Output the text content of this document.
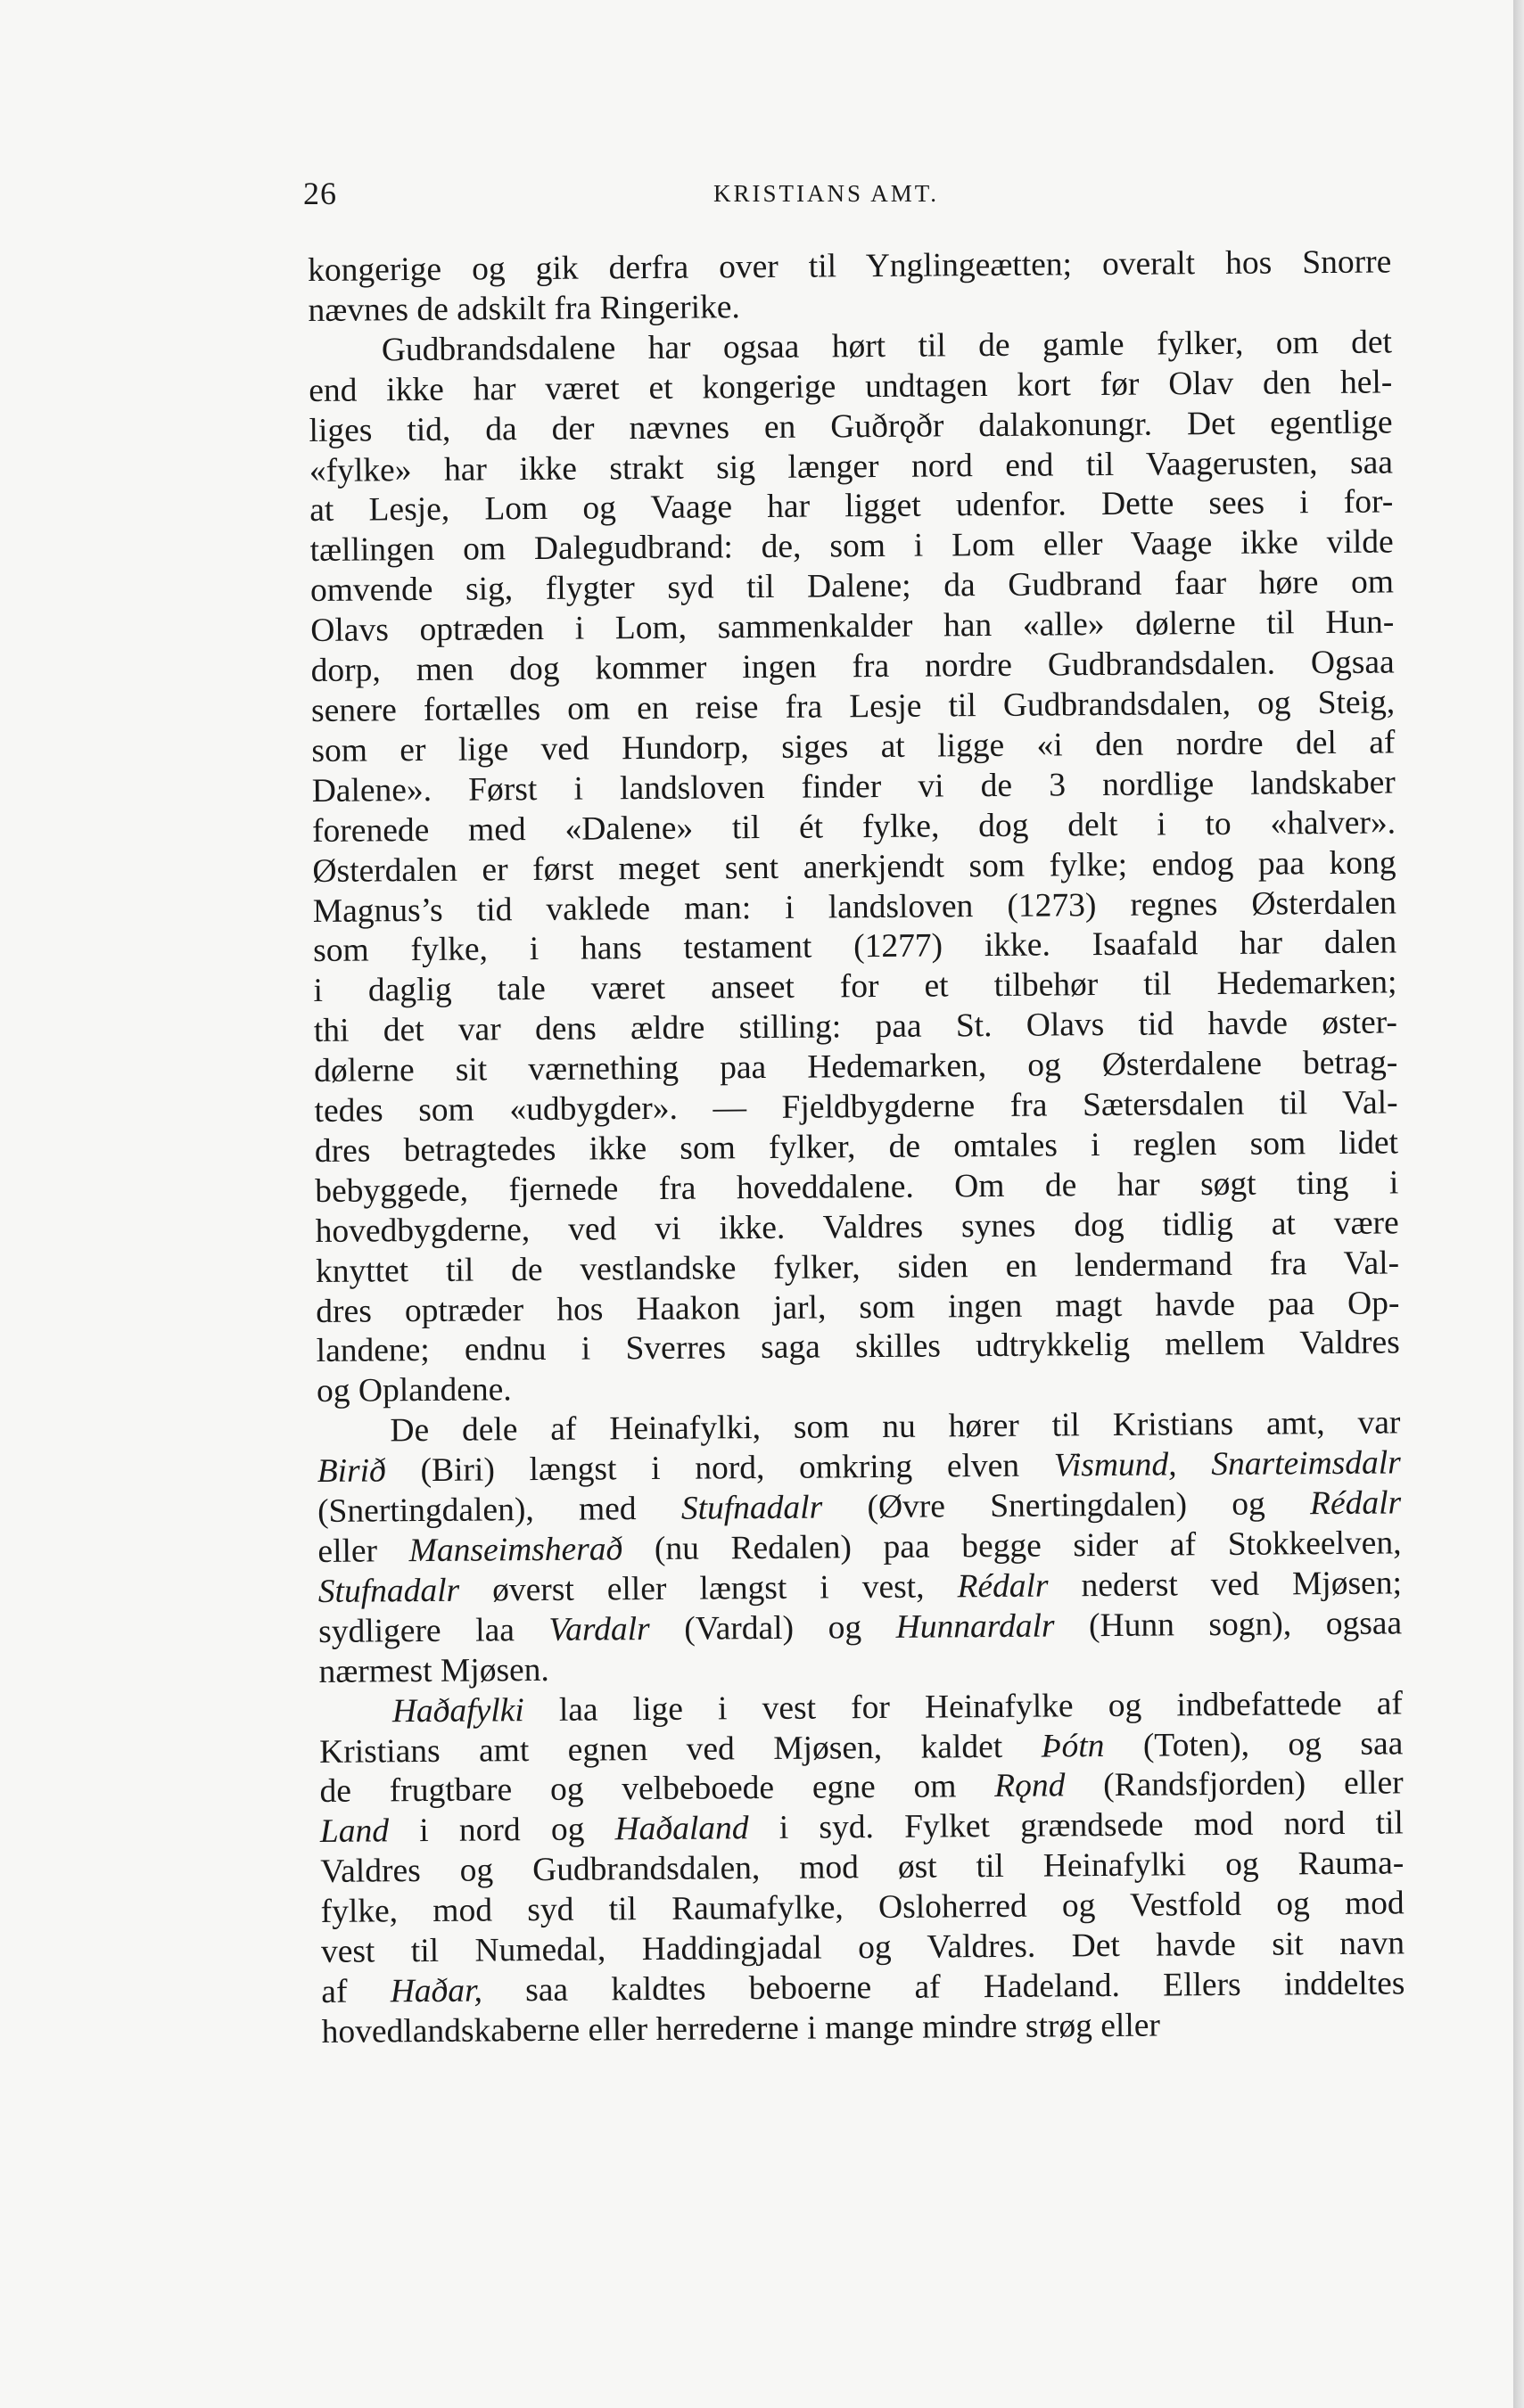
26	KRISTIANS AMT.

kongerige og gik derfra over til Ynglingeætten; overalt hos Snorre
nævnes de adskilt fra Ringerike.

Gudbrandsdalene har ogsaa hørt til de gamle fylker, om det
end ikke har været et kongerige undtagen kort før Olav den hel-
liges tid, da der nævnes en Guðrǫðr dalakonungr. Det egentlige
«fylke» har ikke strakt sig længer nord end til Vaagerusten, saa
at Lesje, Lom og Vaage har ligget udenfor. Dette sees i for-
tællingen om Dalegudbrand: de, som i Lom eller Vaage ikke vilde
omvende sig, flygter syd til Dalene; da Gudbrand faar høre om
Olavs optræden i Lom, sammenkalder han «alle» dølerne til Hun-
dorp, men dog kommer ingen fra nordre Gudbrandsdalen. Ogsaa
senere fortælles om en reise fra Lesje til Gudbrandsdalen, og Steig,
som er lige ved Hundorp, siges at ligge «i den nordre del af
Dalene». Først i landsloven finder vi de 3 nordlige landskaber
forenede med «Dalene» til ét fylke, dog delt i to «halver».
Østerdalen er først meget sent anerkjendt som fylke; endog paa kong
Magnus’s tid vaklede man: i landsloven (1273) regnes Østerdalen
som fylke, i hans testament (1277) ikke. Isaafald har dalen
i daglig tale været anseet for et tilbehør til Hedemarken;
thi det var dens ældre stilling: paa St. Olavs tid havde øster-
dølerne sit værnething paa Hedemarken, og Østerdalene betrag-
tedes som «udbygder». — Fjeldbygderne fra Sætersdalen til Val-
dres betragtedes ikke som fylker, de omtales i reglen som lidet
bebyggede, fjernede fra hoveddalene. Om de har søgt ting i
hovedbygderne, ved vi ikke. Valdres synes dog tidlig at være
knyttet til de vestlandske fylker, siden en lendermand fra Val-
dres optræder hos Haakon jarl, som ingen magt havde paa Op-
landene; endnu i Sverres saga skilles udtrykkelig mellem Valdres
og Oplandene.

De dele af Heinafylki, som nu hører til Kristians amt, var
Birið (Biri) længst i nord, omkring elven Vismund, Snarteimsdalr
(Snertingdalen), med Stufnadalr (Øvre Snertingdalen) og Rédalr
eller Manseimsherað (nu Redalen) paa begge sider af Stokkeelven,
Stufnadalr øverst eller længst i vest, Rédalr nederst ved Mjøsen;
sydligere laa Vardalr (Vardal) og Hunnardalr (Hunn sogn), ogsaa
nærmest Mjøsen.

Haðafylki laa lige i vest for Heinafylke og indbefattede af
Kristians amt egnen ved Mjøsen, kaldet Þótn (Toten), og saa
de frugtbare og velbeboede egne om Rǫnd (Randsfjorden) eller
Land i nord og Haðaland i syd. Fylket grændsede mod nord til
Valdres og Gudbrandsdalen, mod øst til Heinafylki og Rauma-
fylke, mod syd til Raumafylke, Osloherred og Vestfold og mod
vest til Numedal, Haddingjadal og Valdres. Det havde sit navn
af Haðar, saa kaldtes beboerne af Hadeland. Ellers inddeltes
hovedlandskaberne eller herrederne i mange mindre strøg eller
